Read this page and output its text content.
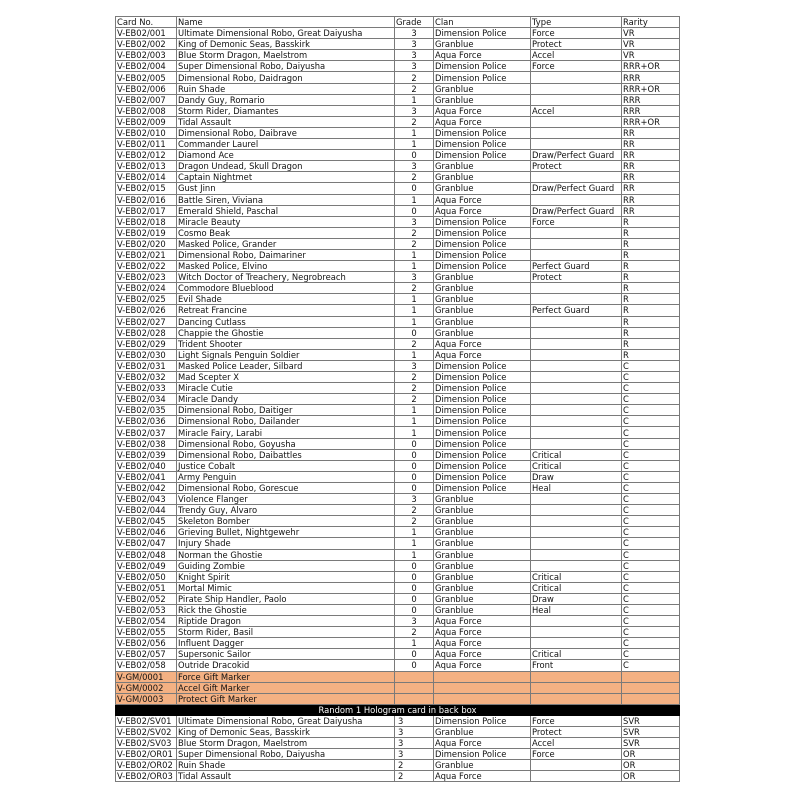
Card No.	Name	Grade	Clan	Type	Rarity
V-EB02/001	Ultimate Dimensional Robo, Great Daiyusha	3	Dimension Police	Force	VR
V-EB02/002	King of Demonic Seas, Basskirk	3	Granblue	Protect	VR
V-EB02/003	Blue Storm Dragon, Maelstrom	3	Aqua Force	Accel	VR
V-EB02/004	Super Dimensional Robo, Daiyusha	3	Dimension Police	Force	RRR+OR
V-EB02/005	Dimensional Robo, Daidragon	2	Dimension Police		RRR
V-EB02/006	Ruin Shade	2	Granblue		RRR+OR
V-EB02/007	Dandy Guy, Romario	1	Granblue		RRR
V-EB02/008	Storm Rider, Diamantes	3	Aqua Force	Accel	RRR
V-EB02/009	Tidal Assault	2	Aqua Force		RRR+OR
V-EB02/010	Dimensional Robo, Daibrave	1	Dimension Police		RR
V-EB02/011	Commander Laurel	1	Dimension Police		RR
V-EB02/012	Diamond Ace	0	Dimension Police	Draw/Perfect Guard	RR
V-EB02/013	Dragon Undead, Skull Dragon	3	Granblue	Protect	RR
V-EB02/014	Captain Nightmet	2	Granblue		RR
V-EB02/015	Gust Jinn	0	Granblue	Draw/Perfect Guard	RR
V-EB02/016	Battle Siren, Viviana	1	Aqua Force		RR
V-EB02/017	Emerald Shield, Paschal	0	Aqua Force	Draw/Perfect Guard	RR
V-EB02/018	Miracle Beauty	3	Dimension Police	Force	R
V-EB02/019	Cosmo Beak	2	Dimension Police		R
V-EB02/020	Masked Police, Grander	2	Dimension Police		R
V-EB02/021	Dimensional Robo, Daimariner	1	Dimension Police		R
V-EB02/022	Masked Police, Elvino	1	Dimension Police	Perfect Guard	R
V-EB02/023	Witch Doctor of Treachery, Negrobreach	3	Granblue	Protect	R
V-EB02/024	Commodore Blueblood	2	Granblue		R
V-EB02/025	Evil Shade	1	Granblue		R
V-EB02/026	Retreat Francine	1	Granblue	Perfect Guard	R
V-EB02/027	Dancing Cutlass	1	Granblue		R
V-EB02/028	Chappie the Ghostie	0	Granblue		R
V-EB02/029	Trident Shooter	2	Aqua Force		R
V-EB02/030	Light Signals Penguin Soldier	1	Aqua Force		R
V-EB02/031	Masked Police Leader, Silbard	3	Dimension Police		C
V-EB02/032	Mad Scepter X	2	Dimension Police		C
V-EB02/033	Miracle Cutie	2	Dimension Police		C
V-EB02/034	Miracle Dandy	2	Dimension Police		C
V-EB02/035	Dimensional Robo, Daitiger	1	Dimension Police		C
V-EB02/036	Dimensional Robo, Dailander	1	Dimension Police		C
V-EB02/037	Miracle Fairy, Larabi	1	Dimension Police		C
V-EB02/038	Dimensional Robo, Goyusha	0	Dimension Police		C
V-EB02/039	Dimensional Robo, Daibattles	0	Dimension Police	Critical	C
V-EB02/040	Justice Cobalt	0	Dimension Police	Critical	C
V-EB02/041	Army Penguin	0	Dimension Police	Draw	C
V-EB02/042	Dimensional Robo, Gorescue	0	Dimension Police	Heal	C
V-EB02/043	Violence Flanger	3	Granblue		C
V-EB02/044	Trendy Guy, Alvaro	2	Granblue		C
V-EB02/045	Skeleton Bomber	2	Granblue		C
V-EB02/046	Grieving Bullet, Nightgewehr	1	Granblue		C
V-EB02/047	Injury Shade	1	Granblue		C
V-EB02/048	Norman the Ghostie	1	Granblue		C
V-EB02/049	Guiding Zombie	0	Granblue		C
V-EB02/050	Knight Spirit	0	Granblue	Critical	C
V-EB02/051	Mortal Mimic	0	Granblue	Critical	C
V-EB02/052	Pirate Ship Handler, Paolo	0	Granblue	Draw	C
V-EB02/053	Rick the Ghostie	0	Granblue	Heal	C
V-EB02/054	Riptide Dragon	3	Aqua Force		C
V-EB02/055	Storm Rider, Basil	2	Aqua Force		C
V-EB02/056	Influent Dagger	1	Aqua Force		C
V-EB02/057	Supersonic Sailor	0	Aqua Force	Critical	C
V-EB02/058	Outride Dracokid	0	Aqua Force	Front	C
V-GM/0001	Force Gift Marker				
V-GM/0002	Accel Gift Marker				
V-GM/0003	Protect Gift Marker				
Random 1 Hologram card in back box					
V-EB02/SV01	Ultimate Dimensional Robo, Great Daiyusha	3	Dimension Police	Force	SVR
V-EB02/SV02	King of Demonic Seas, Basskirk	3	Granblue	Protect	SVR
V-EB02/SV03	Blue Storm Dragon, Maelstrom	3	Aqua Force	Accel	SVR
V-EB02/OR01	Super Dimensional Robo, Daiyusha	3	Dimension Police	Force	OR
V-EB02/OR02	Ruin Shade	2	Granblue		OR
V-EB02/OR03	Tidal Assault	2	Aqua Force		OR
